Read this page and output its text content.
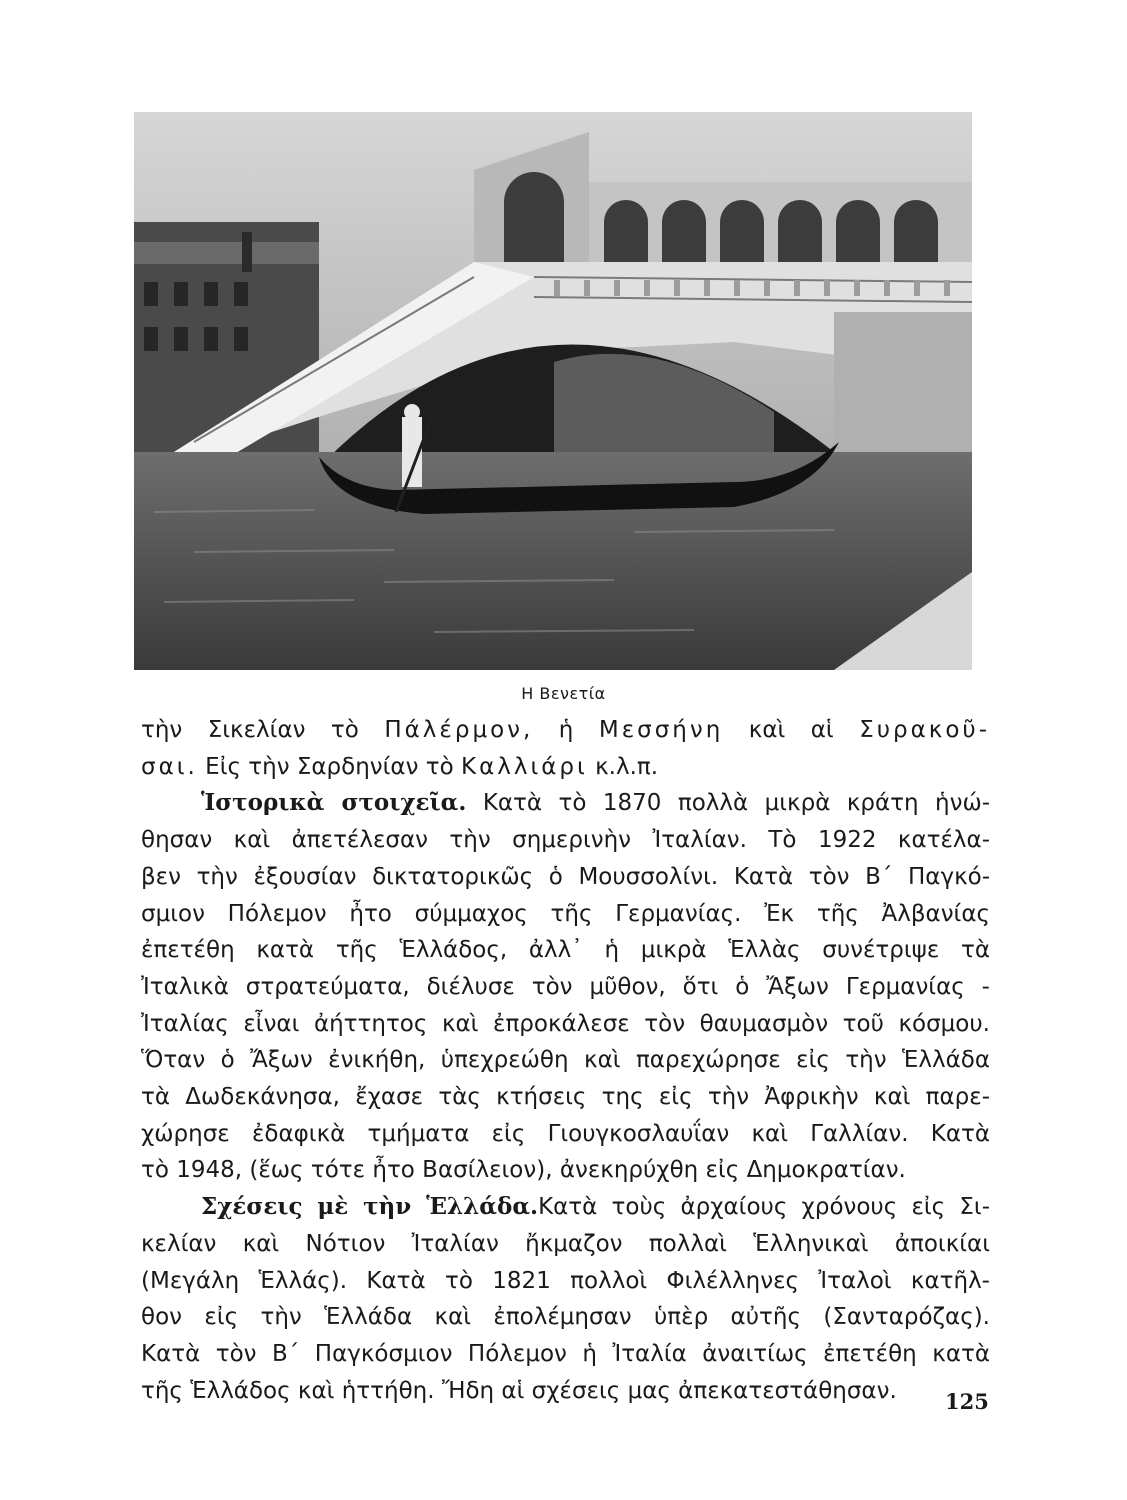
Η Βενετία
τὴν Σικελίαν τὸ Πάλέρμον, ἡ Μεσσήνη καὶ αἱ Συρακοῦ-
σαι. Εἰς τὴν Σαρδηνίαν τὸ Καλλιάρι κ.λ.π.
Ἱστορικὰ στοιχεῖα. Κατὰ τὸ 1870 πολλὰ μικρὰ κράτη ἡνώ-
θησαν καὶ ἀπετέλεσαν τὴν σημερινὴν Ἰταλίαν. Τὸ 1922 κατέλα-
βεν τὴν ἐξουσίαν δικτατορικῶς ὁ Μουσσολίνι. Κατὰ τὸν Β΄ Παγκό-
σμιον Πόλεμον ἦτο σύμμαχος τῆς Γερμανίας. Ἐκ τῆς Ἀλβανίας
ἐπετέθη κατὰ τῆς Ἑλλάδος, ἀλλ᾽ ἡ μικρὰ Ἑλλὰς συνέτριψε τὰ
Ἰταλικὰ στρατεύματα, διέλυσε τὸν μῦθον, ὅτι ὁ Ἄξων Γερμανίας -
Ἰταλίας εἶναι ἀήττητος καὶ ἐπροκάλεσε τὸν θαυμασμὸν τοῦ κόσμου.
Ὅταν ὁ Ἄξων ἐνικήθη, ὑπεχρεώθη καὶ παρεχώρησε εἰς τὴν Ἑλλάδα
τὰ Δωδεκάνησα, ἔχασε τὰς κτήσεις της εἰς τὴν Ἀφρικὴν καὶ παρε-
χώρησε ἐδαφικὰ τμήματα εἰς Γιουγκοσλαυΐαν καὶ Γαλλίαν. Κατὰ
τὸ 1948, (ἕως τότε ἦτο Βασίλειον), ἀνεκηρύχθη εἰς Δημοκρατίαν.
Σχέσεις μὲ τὴν Ἑλλάδα.Κατὰ τοὺς ἀρχαίους χρόνους εἰς Σι-
κελίαν καὶ Νότιον Ἰταλίαν ἤκμαζον πολλαὶ Ἑλληνικαὶ ἀποικίαι
(Μεγάλη Ἑλλάς). Κατὰ τὸ 1821 πολλοὶ Φιλέλληνες Ἰταλοὶ κατῆλ-
θον εἰς τὴν Ἑλλάδα καὶ ἐπολέμησαν ὑπὲρ αὐτῆς (Σανταρόζας).
Κατὰ τὸν Β΄ Παγκόσμιον Πόλεμον ἡ Ἰταλία ἀναιτίως ἐπετέθη κατὰ
τῆς Ἑλλάδος καὶ ἡττήθη. Ἤδη αἱ σχέσεις μας ἀπεκατεστάθησαν.	125
